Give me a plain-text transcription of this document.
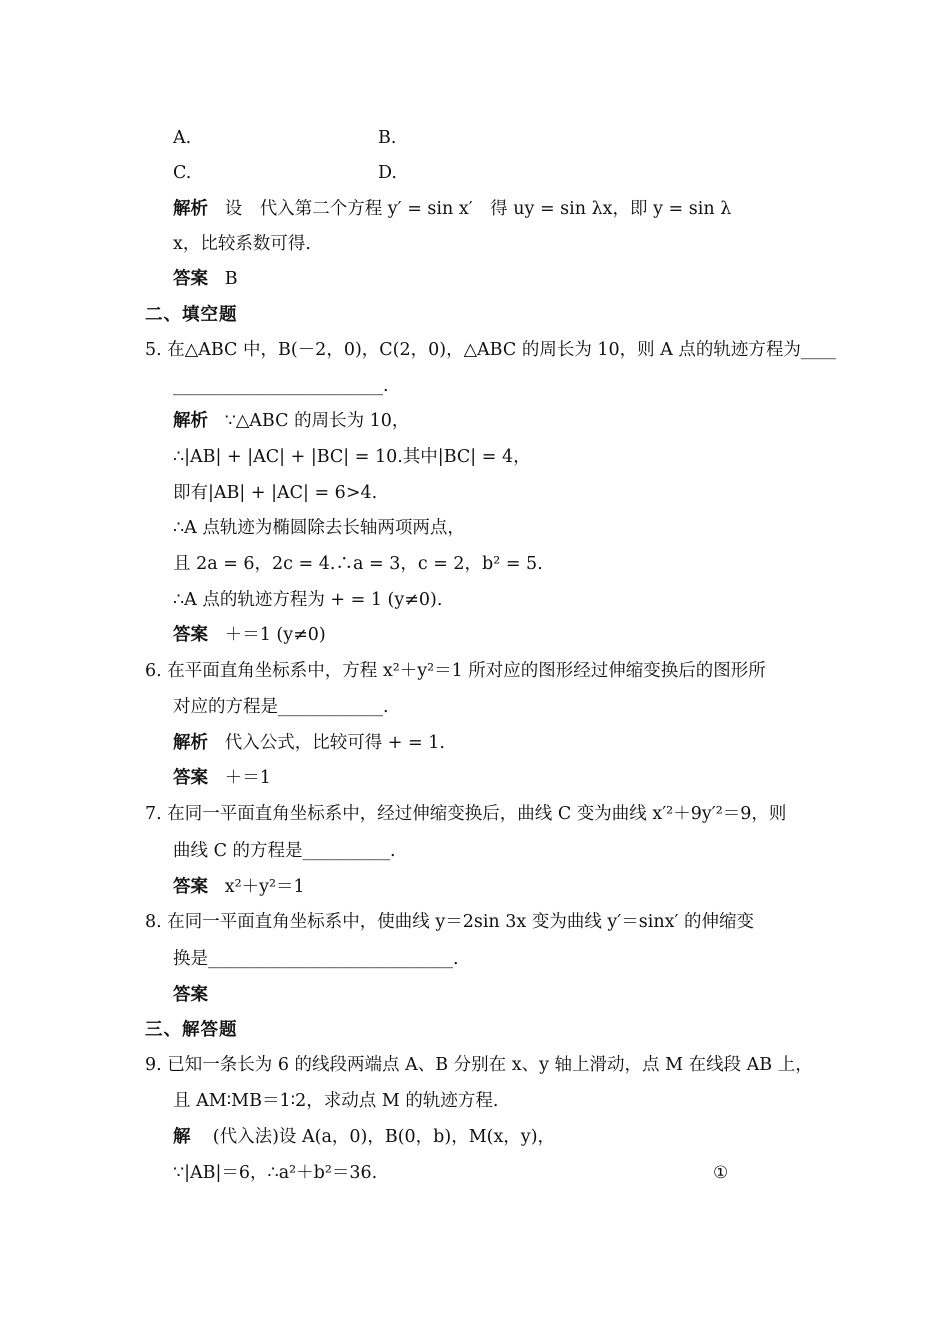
A.	B.
C.	D.
解析 设　代入第二个方程 y′ = sin x′　得 uy = sin λx，即 y = sin λ
x，比较系数可得.
答案 B
二、填空题
5. 在△ABC 中，B(－2，0)，C(2，0)，△ABC 的周长为 10，则 A 点的轨迹方程为____
________________________.
解析 ∵△ABC 的周长为 10，
∴|AB| + |AC| + |BC| = 10.其中|BC| = 4，
即有|AB| + |AC| = 6>4.
∴A 点轨迹为椭圆除去长轴两项两点，
且 2a = 6，2c = 4.∴a = 3，c = 2，b² = 5.
∴A 点的轨迹方程为 + = 1 (y≠0).
答案 ＋＝1 (y≠0)
6. 在平面直角坐标系中，方程 x²＋y²＝1 所对应的图形经过伸缩变换后的图形所
对应的方程是____________.
解析 代入公式，比较可得 + = 1.
答案 ＋＝1
7. 在同一平面直角坐标系中，经过伸缩变换后，曲线 C 变为曲线 x′²＋9y′²＝9，则
曲线 C 的方程是__________.
答案 x²＋y²＝1
8. 在同一平面直角坐标系中，使曲线 y＝2sin 3x 变为曲线 y′＝sinx′ 的伸缩变
换是____________________________.
答案
三、解答题
9. 已知一条长为 6 的线段两端点 A、B 分别在 x、y 轴上滑动，点 M 在线段 AB 上，
且 AM∶MB＝1∶2，求动点 M 的轨迹方程.
解 (代入法)设 A(a，0)，B(0，b)，M(x，y)，
∵|AB|＝6，∴a²＋b²＝36.	①
